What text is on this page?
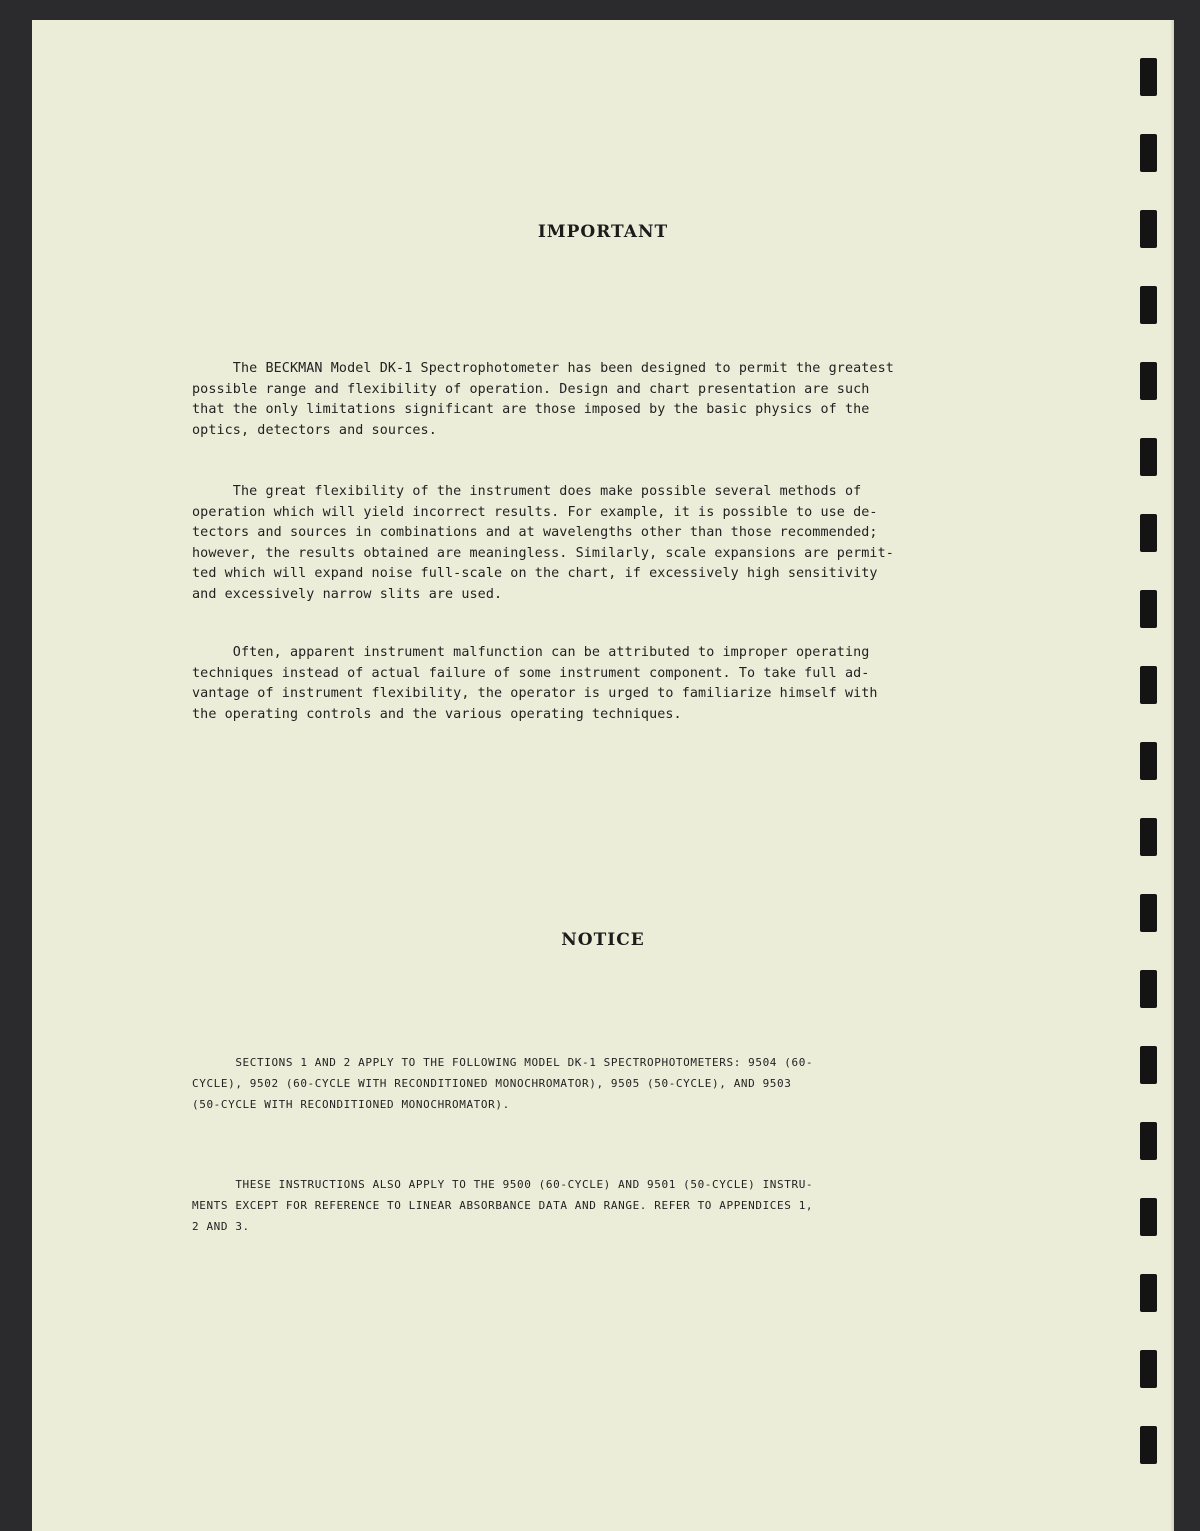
IMPORTANT

The BECKMAN Model DK-1 Spectrophotometer has been designed to permit the greatest
possible range and flexibility of operation. Design and chart presentation are such
that the only limitations significant are those imposed by the basic physics of the
optics, detectors and sources.

The great flexibility of the instrument does make possible several methods of
operation which will yield incorrect results. For example, it is possible to use de-
tectors and sources in combinations and at wavelengths other than those recommended;
however, the results obtained are meaningless. Similarly, scale expansions are permit-
ted which will expand noise full-scale on the chart, if excessively high sensitivity
and excessively narrow slits are used.

Often, apparent instrument malfunction can be attributed to improper operating
techniques instead of actual failure of some instrument component. To take full ad-
vantage of instrument flexibility, the operator is urged to familiarize himself with
the operating controls and the various operating techniques.

NOTICE

SECTIONS 1 AND 2 APPLY TO THE FOLLOWING MODEL DK-1 SPECTROPHOTOMETERS: 9504 (60-
CYCLE), 9502 (60-CYCLE WITH RECONDITIONED MONOCHROMATOR), 9505 (50-CYCLE), AND 9503
(50-CYCLE WITH RECONDITIONED MONOCHROMATOR).

THESE INSTRUCTIONS ALSO APPLY TO THE 9500 (60-CYCLE) AND 9501 (50-CYCLE) INSTRU-
MENTS EXCEPT FOR REFERENCE TO LINEAR ABSORBANCE DATA AND RANGE. REFER TO APPENDICES 1,
2 AND 3.
